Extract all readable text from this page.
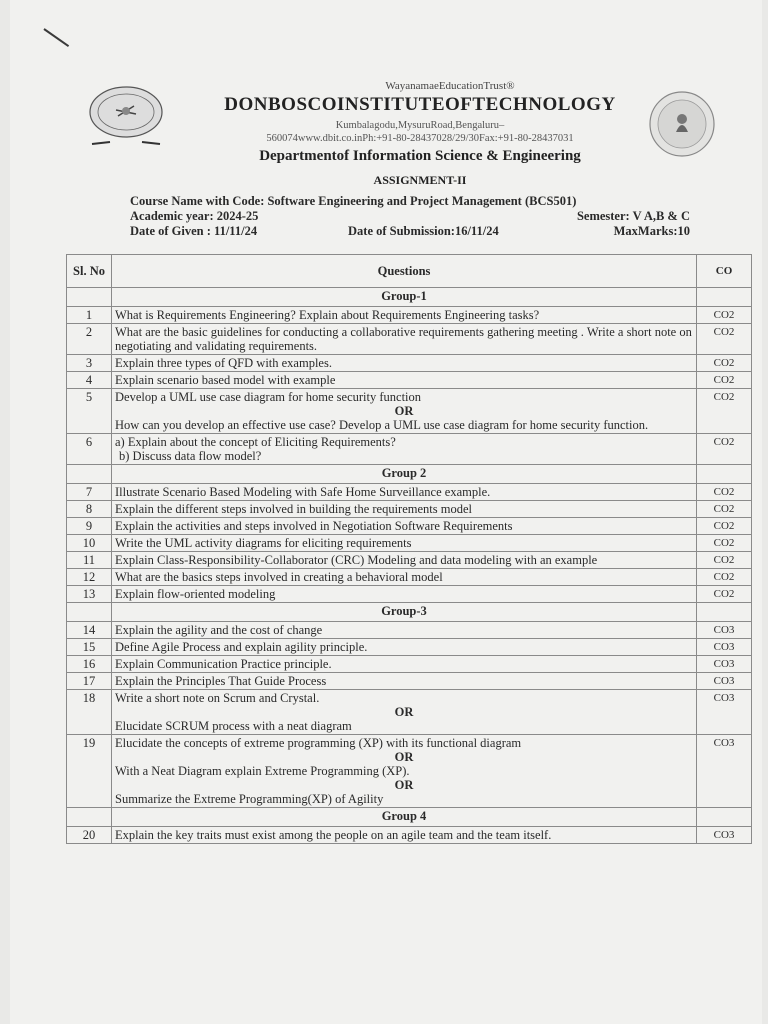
WayanamaeEducationTrust®
DONBOSCOINSTITUTEOFTECHNOLOGY
Kumbalagodu,MysuruRoad,Bengaluru–
560074www.dbit.co.inPh:+91-80-28437028/29/30Fax:+91-80-28437031
Departmentof Information Science & Engineering
ASSIGNMENT-II
Course Name with Code: Software Engineering and Project Management (BCS501)
Academic year: 2024-25	Semester: V A,B & C
Date of Given : 11/11/24	Date of Submission:16/11/24	MaxMarks:10
Sl. No	Questions	CO
	Group-1	
1	What is Requirements Engineering? Explain about Requirements Engineering tasks?	CO2
2	What are the basic guidelines for conducting a collaborative requirements gathering meeting . Write a short note on negotiating and validating requirements.	CO2
3	Explain three types of QFD with examples.	CO2
4	Explain scenario based model with example	CO2
5	Develop a UML use case diagram for home security function
OR
How can you develop an effective use case? Develop a UML use case diagram for home security function.	CO2
6	a) Explain about the concept of Eliciting Requirements?
b) Discuss data flow model?	CO2
	Group 2	
7	Illustrate Scenario Based Modeling with Safe Home Surveillance example.	CO2
8	Explain the different steps involved in building the requirements model	CO2
9	Explain the activities and steps involved in Negotiation Software Requirements	CO2
10	Write the UML activity diagrams for eliciting requirements	CO2
11	Explain Class-Responsibility-Collaborator (CRC) Modeling and data modeling with an example	CO2
12	What are the basics steps involved in creating a behavioral model	CO2
13	Explain flow-oriented modeling	CO2
	Group-3	
14	Explain the agility and the cost of change	CO3
15	Define Agile Process and explain agility principle.	CO3
16	Explain Communication Practice principle.	CO3
17	Explain the Principles That Guide Process	CO3
18	Write a short note on Scrum and Crystal.
OR
Elucidate SCRUM process with a neat diagram	CO3
19	Elucidate the concepts of extreme programming (XP) with its functional diagram
OR
With a Neat Diagram explain Extreme Programming (XP).
OR
Summarize the Extreme Programming(XP) of Agility	CO3
	Group 4	
20	Explain the key traits must exist among the people on an agile team and the team itself.	CO3
